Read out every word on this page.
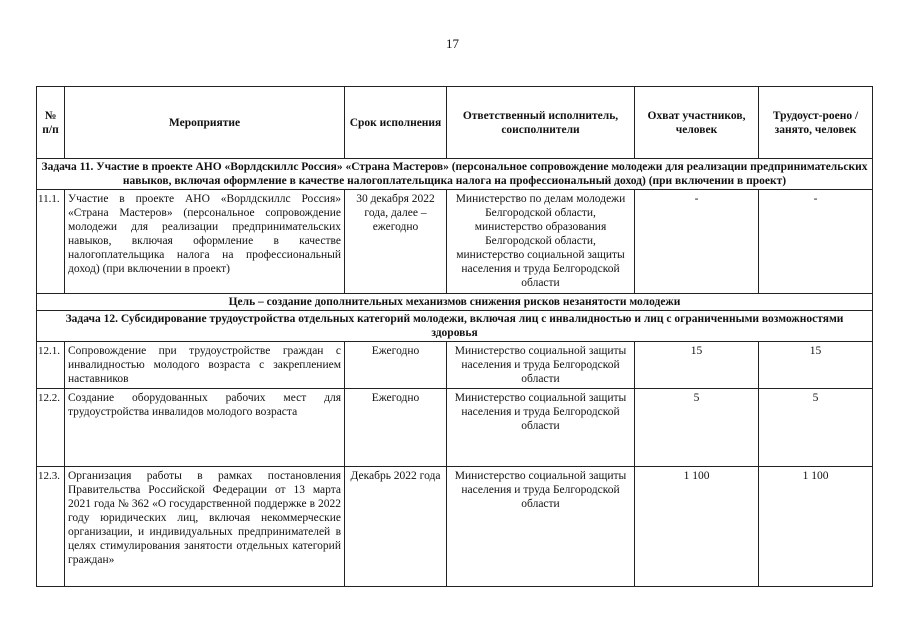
17
№ п/п	Мероприятие	Срок исполнения	Ответственный исполнитель, соисполнители	Охват участников, человек	Трудоуст-роено / занято, человек
Задача 11. Участие в проекте АНО «Ворлдскиллс Россия» «Страна Мастеров» (персональное сопровождение молодежи для реализации предпринимательских навыков, включая оформление в качестве налогоплательщика налога на профессиональный доход) (при включении в проект)					
11.1.	Участие в проекте АНО «Ворлдскиллс Россия» «Страна Мастеров» (персональное сопровождение молодежи для реализации предпринимательских навыков, включая оформление в качестве налогоплательщика налога на профессиональный доход) (при включении в проект)	30 декабря 2022 года, далее – ежегодно	Министерство по делам молодежи Белгородской области, министерство образования Белгородской области, министерство социальной защиты населения и труда Белгородской области	-	-
Цель – создание дополнительных механизмов снижения рисков незанятости молодежи					
Задача 12. Субсидирование трудоустройства отдельных категорий молодежи, включая лиц с инвалидностью и лиц с ограниченными возможностями здоровья					
12.1.	Сопровождение при трудоустройстве граждан с инвалидностью молодого возраста с закреплением наставников	Ежегодно	Министерство социальной защиты населения и труда Белгородской области	15	15
12.2.	Создание оборудованных рабочих мест для трудоустройства инвалидов молодого возраста	Ежегодно	Министерство социальной защиты населения и труда Белгородской области	5	5
12.3.	Организация работы в рамках постановления Правительства Российской Федерации от 13 марта 2021 года № 362 «О государственной поддержке в 2022 году юридических лиц, включая некоммерческие организации, и индивидуальных предпринимателей в целях стимулирования занятости отдельных категорий граждан»	Декабрь 2022 года	Министерство социальной защиты населения и труда Белгородской области	1 100	1 100
